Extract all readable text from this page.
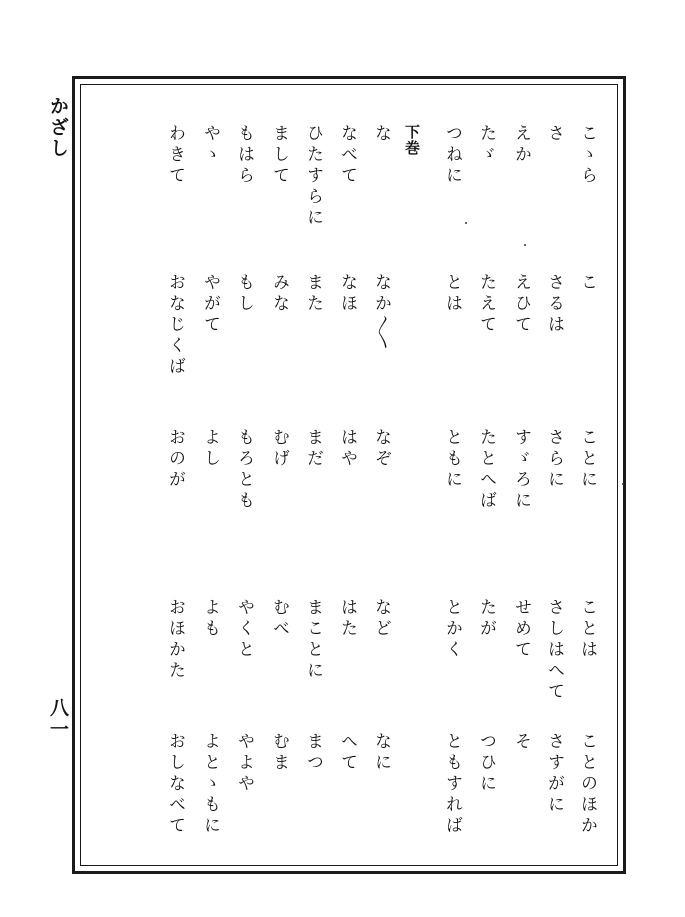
かざし
八一
下巻	こゝら
こ
ことに
ことは
ことのほか
さ
さるは
さらに
さしはへて
さすがに
えか
えひて
すゞろに
せめて
そ
たゞ
たえて
たとへば
たが
つひに
つねに
とは
ともに
とかく
ともすれば
な
なか〳〵
なぞ
など
なに
なべて
なほ
はや
はた
へて
ひたすらに
また
まだ
まことに
まつ
まして
みな
むげ
むべ
むま
もはら
もし
もろとも
やくと
やよや
やゝ
やがて
よし
よも
よとゝもに
わきて
おなじくば
おのが
おほかた
おしなべて
